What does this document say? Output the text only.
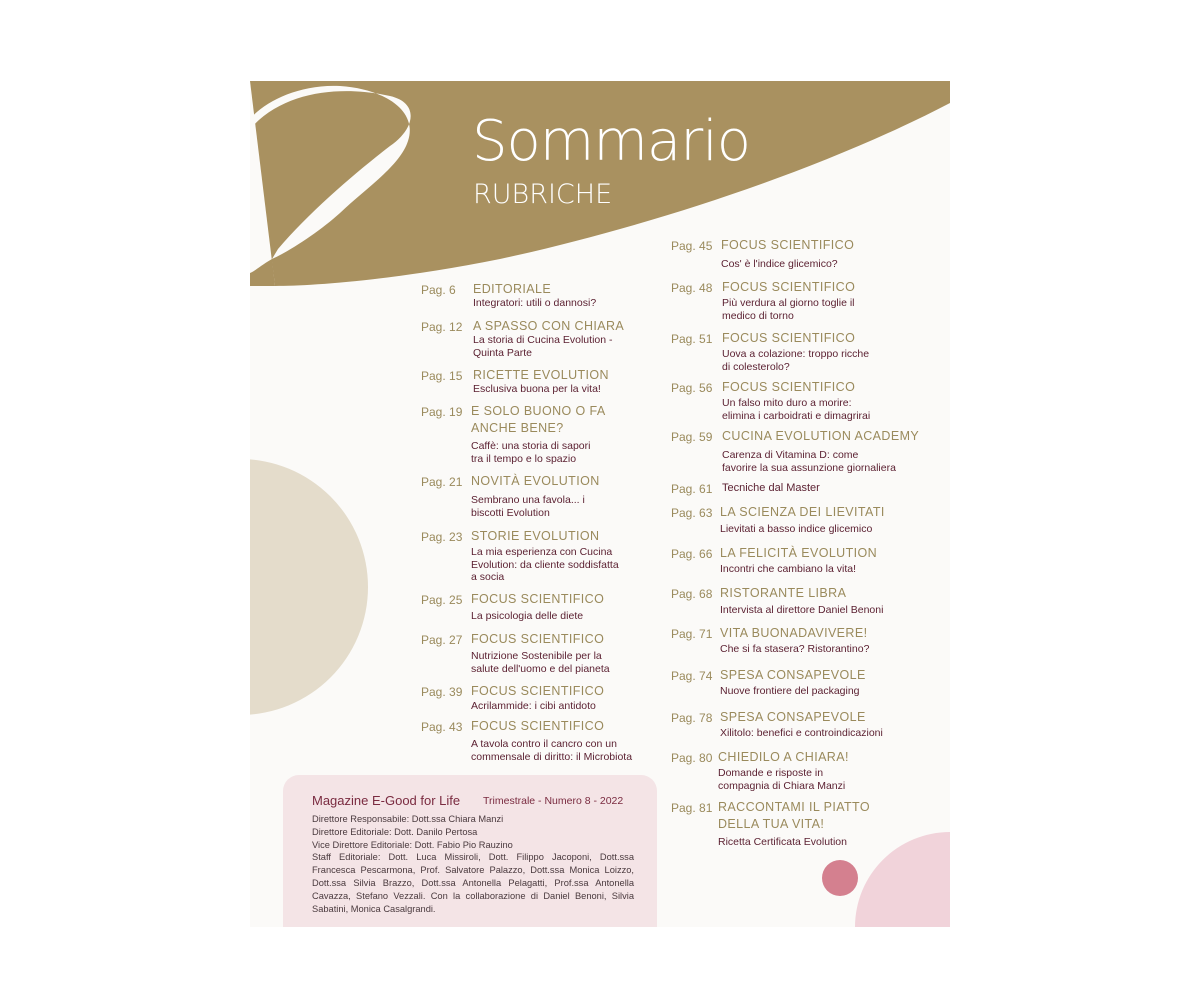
Sommario
RUBRICHE
Pag. 6 EDITORIALE
Integratori: utili o dannosi?
Pag. 12 A SPASSO CON CHIARA
La storia di Cucina Evolution -
Quinta Parte
Pag. 15 RICETTE EVOLUTION
Esclusiva buona per la vita!
Pag. 19 E SOLO BUONO O FA
ANCHE BENE?
Caffè: una storia di sapori
tra il tempo e lo spazio
Pag. 21 NOVITÀ EVOLUTION
Sembrano una favola... i
biscotti Evolution
Pag. 23 STORIE EVOLUTION
La mia esperienza con Cucina
Evolution: da cliente soddisfatta
a socia
Pag. 25 FOCUS SCIENTIFICO
La psicologia delle diete
Pag. 27 FOCUS SCIENTIFICO
Nutrizione Sostenibile per la
salute dell'uomo e del pianeta
Pag. 39 FOCUS SCIENTIFICO
Acrilammide: i cibi antidoto
Pag. 43 FOCUS SCIENTIFICO
A tavola contro il cancro con un
commensale di diritto: il Microbiota
Pag. 45 FOCUS SCIENTIFICO
Cos' è l'indice glicemico?
Pag. 48 FOCUS SCIENTIFICO
Più verdura al giorno toglie il
medico di torno
Pag. 51 FOCUS SCIENTIFICO
Uova a colazione: troppo ricche
di colesterolo?
Pag. 56 FOCUS SCIENTIFICO
Un falso mito duro a morire:
elimina i carboidrati e dimagrirai
Pag. 59 CUCINA EVOLUTION ACADEMY
Carenza di Vitamina D: come
favorire la sua assunzione giornaliera
Pag. 61 Tecniche dal Master
Pag. 63 LA SCIENZA DEI LIEVITATI
Lievitati a basso indice glicemico
Pag. 66 LA FELICITÀ EVOLUTION
Incontri che cambiano la vita!
Pag. 68 RISTORANTE LIBRA
Intervista al direttore Daniel Benoni
Pag. 71 VITA BUONADAVIVERE!
Che si fa stasera? Ristorantino?
Pag. 74 SPESA CONSAPEVOLE
Nuove frontiere del packaging
Pag. 78 SPESA CONSAPEVOLE
Xilitolo: benefici e controindicazioni
Pag. 80 CHIEDILO A CHIARA!
Domande e risposte in
compagnia di Chiara Manzi
Pag. 81 RACCONTAMI IL PIATTO
DELLA TUA VITA!
Ricetta Certificata Evolution
Magazine E-Good for Life Trimestrale - Numero 8 - 2022
Direttore Responsabile: Dott.ssa Chiara Manzi
Direttore Editoriale: Dott. Danilo Pertosa
Vice Direttore Editoriale: Dott. Fabio Pio Rauzino
Staff Editoriale: Dott. Luca Missiroli, Dott. Filippo Jacoponi, Dott.ssa Francesca Pescarmona, Prof. Salvatore Palazzo, Dott.ssa Monica Loizzo, Dott.ssa Silvia Brazzo, Dott.ssa Antonella Pelagatti, Prof.ssa Antonella Cavazza, Stefano Vezzali. Con la collaborazione di Daniel Benoni, Silvia Sabatini, Monica Casalgrandi.
